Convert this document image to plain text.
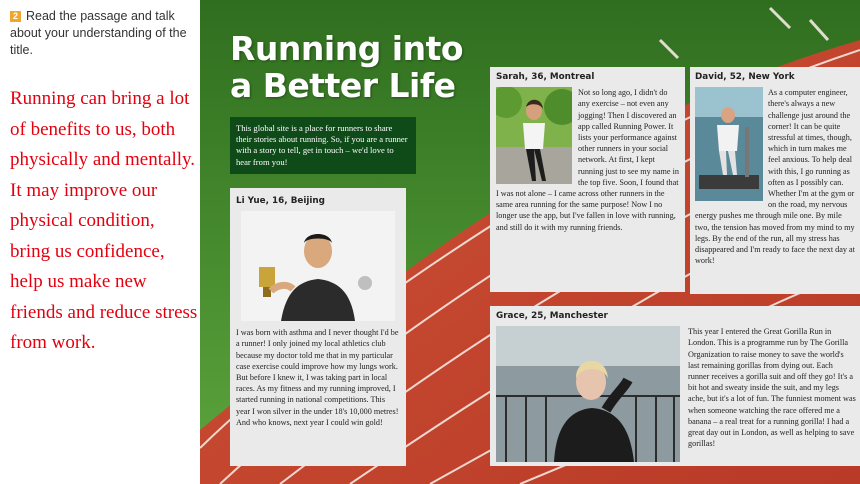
2 Read the passage and talk about your understanding of the title.
Running can bring a lot of benefits to us, both physically and mentally. It may improve our physical condition, bring us confidence, help us make new friends and reduce stress from work.
Running into
a Better Life
This global site is a place for runners to share their stories about running. So, if you are a runner with a story to tell, get in touch – we'd love to hear from you!
Li Yue, 16, Beijing

I was born with asthma and I never thought I'd be a runner! I only joined my local athletics club because my doctor told me that in my particular case exercise could improve how my lungs work. But before I knew it, I was taking part in local races. As my fitness and my running improved, I started running in national competitions. This year I won silver in the under 18's 10,000 metres! And who knows, next year I could win gold!

Sarah, 36, Montreal

Not so long ago, I didn't do any exercise – not even any jogging! Then I discovered an app called Running Power. It lists your performance against other runners in your social network. At first, I kept running just to see my name in the top five. Soon, I found that I was not alone – I came across other runners in the same area running for the same purpose! Now I no longer use the app, but I've fallen in love with running, and still do it with my running friends.

David, 52, New York

As a computer engineer, there's always a new challenge just around the corner! It can be quite stressful at times, though, which in turn makes me feel anxious. To help deal with this, I go running as often as I possibly can. Whether I'm at the gym or on the road, my nervous energy pushes me through mile one. By mile two, the tension has moved from my mind to my legs. By the end of the run, all my stress has disappeared and I'm ready to face the next day at work!

Grace, 25, Manchester

This year I entered the Great Gorilla Run in London. This is a programme run by The Gorilla Organization to raise money to save the world's last remaining gorillas from dying out. Each runner receives a gorilla suit and off they go! It's a bit hot and sweaty inside the suit, and my legs ache, but it's a lot of fun. The funniest moment was when someone watching the race offered me a banana – a real treat for a running gorilla! I had a great day out in London, as well as helping to save gorillas!
